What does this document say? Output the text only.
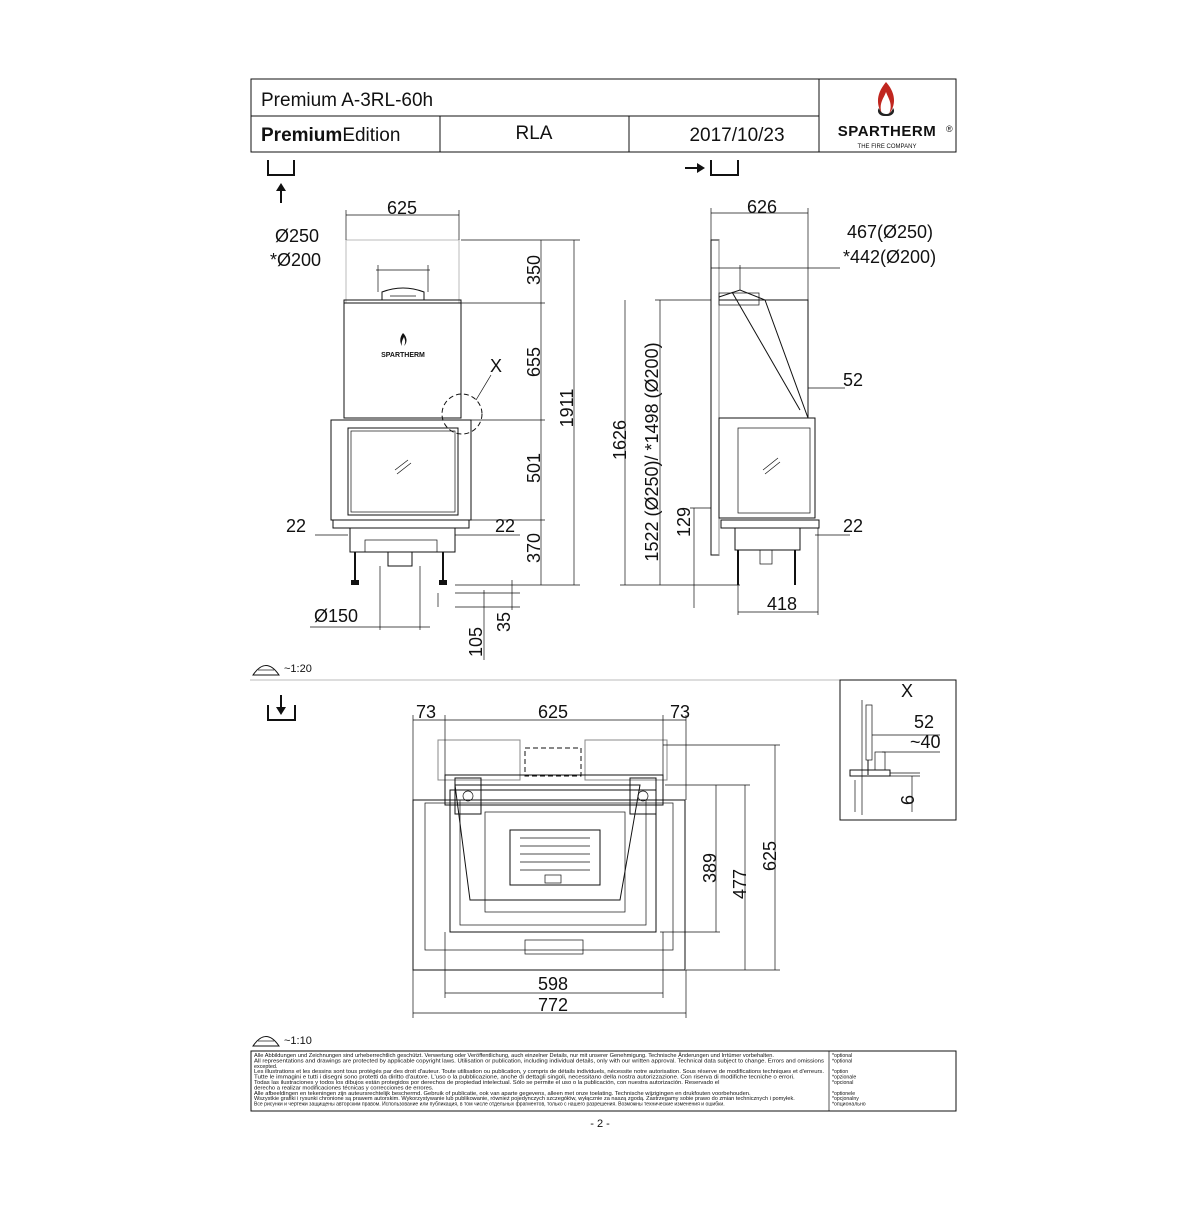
Premium A-3RL-60h
PremiumEdition	RLA	2017/10/23	SPARTHERM ®
THE FIRE COMPANY
SPARTHERM
X
625
Ø250
*Ø200	350
655
501
370
1911
22	22
Ø150	35
105
626
467(Ø250)
*442(Ø200)
52
22
1626 1522 (Ø250)/ *1498 (Ø200) 129
418
~1:20
73	625	73
389
477
625
598
772
X
52
~40
6
~1:10
Alle Abbildungen und Zeichnungen sind urheberrechtlich geschützt. Verwertung oder Veröffentlichung, auch einzelner Details, nur mit unserer Genehmigung. Technische Änderungen und Irrtümer vorbehalten.
All representations and drawings are protected by applicable copyright laws. Utilisation or publication, including individual details, only with our written approval. Technical data subject to change. Errors and omissions
excepted.
Les illustrations et les dessins sont tous protégés par des droit d'auteur. Toute utilisation ou publication, y compris de détails individuels, nécessite notre autorisation. Sous réserve de modifications techniques et d'erreurs.
Tutte le immagini e tutti i disegni sono protetti da diritto d'autore. L'uso o la pubblicazione, anche di dettagli singoli, necessitano della nostra autorizzazione. Con riserva di modifiche tecniche o errori.
Todas las ilustraciones y todos los dibujos están protegidos por derechos de propiedad intelectual. Sólo se permite el uso o la publicación, con nuestra autorización. Reservado el
derecho a realizar modificaciones técnicas y correcciones de errores.
Alle afbeeldingen en tekeningen zijn auteursrechtelijk beschermd. Gebruik of publicatie, ook van aparte gegevens, alleen met onze toelating. Technische wijzigingen en drukfouten voorbehouden.
Wszystkie grafiki i rysunki chronione są prawem autorskim. Wykorzystywanie lub publikowanie, również pojedynczych szczegółów, wyłącznie za naszą zgodą. Zastrzegamy sobie prawo do zmian technicznych i pomyłek.
Все рисунки и чертежи защищены авторским правом. Использование или публикация, в том числе отдельных фрагментов, только с нашего разрешения. Возможны технические изменения и ошибки.
*optional
*optional
*option
*opzionale
*opcional
*optionele
*opcjonalny
*опционально
- 2 -
